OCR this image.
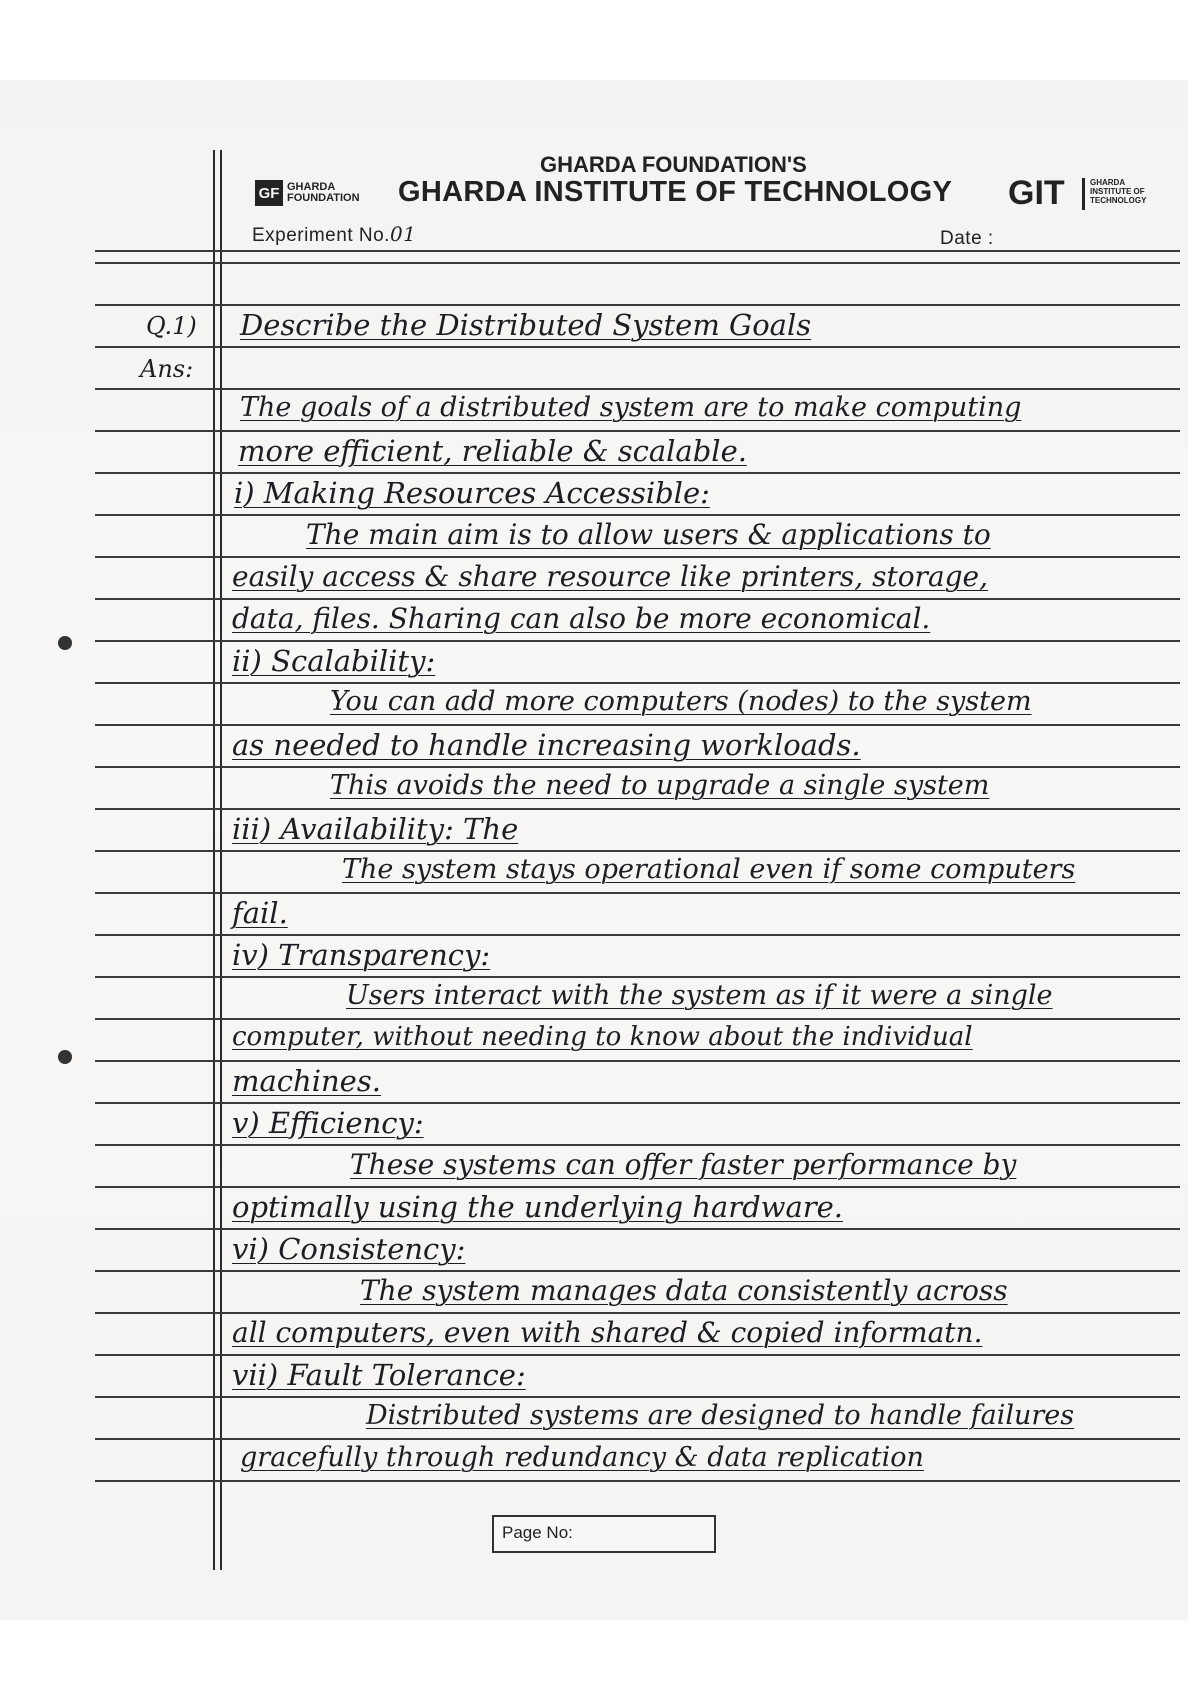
GHARDA FOUNDATION'S
GF GHARDA
FOUNDATION GHARDA INSTITUTE OF TECHNOLOGY GIT	GHARDA
INSTITUTE OF
TECHNOLOGY
Experiment No.01	Date :
Q.1)
Ans:
Describe the Distributed System Goals
The goals of a distributed system are to make computing
more efficient, reliable & scalable.
i) Making Resources Accessible:
The main aim is to allow users & applications to
easily access & share resource like printers, storage,
data, files. Sharing can also be more economical.
ii) Scalability:
You can add more computers (nodes) to the system
as needed to handle increasing workloads.
This avoids the need to upgrade a single system
iii) Availability: The
The system stays operational even if some computers
fail.
iv) Transparency:
Users interact with the system as if it were a single
computer, without needing to know about the individual
machines.
v) Efficiency:
These systems can offer faster performance by
optimally using the underlying hardware.
vi) Consistency:
The system manages data consistently across
all computers, even with shared & copied informatn.
vii) Fault Tolerance:
Distributed systems are designed to handle failures
gracefully through redundancy & data replication
Page No:
